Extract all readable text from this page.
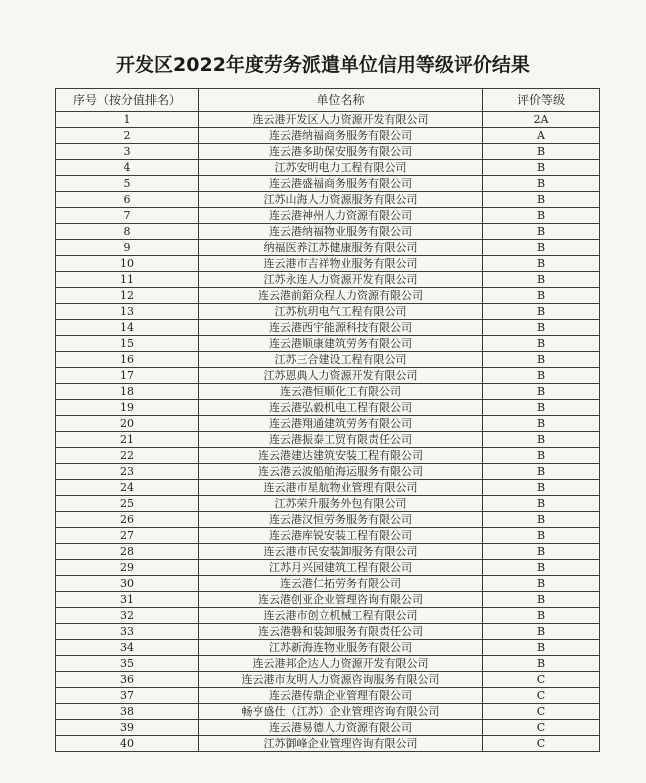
开发区2022年度劳务派遣单位信用等级评价结果
序号（按分值排名）	单位名称	评价等级
1	连云港开发区人力资源开发有限公司	2A
2	连云港纳福商务服务有限公司	A
3	连云港多助保安服务有限公司	B
4	江苏安明电力工程有限公司	B
5	连云港盛福商务服务有限公司	B
6	江苏山海人力资源服务有限公司	B
7	连云港神州人力资源有限公司	B
8	连云港纳福物业服务有限公司	B
9	纳福医养江苏健康服务有限公司	B
10	连云港市吉祥物业服务有限公司	B
11	江苏永连人力资源开发有限公司	B
12	连云港前銆众程人力资源有限公司	B
13	江苏杭玥电气工程有限公司	B
14	连云港西宇能源科技有限公司	B
15	连云港顺康建筑劳务有限公司	B
16	江苏三合建设工程有限公司	B
17	江苏恩典人力资源开发有限公司	B
18	连云港恒顺化工有限公司	B
19	连云港弘毅机电工程有限公司	B
20	连云港翔通建筑劳务有限公司	B
21	连云港振泰工贸有限责任公司	B
22	连云港建达建筑安装工程有限公司	B
23	连云港云波船舶海运服务有限公司	B
24	连云港市星航物业管理有限公司	B
25	江苏荣升服务外包有限公司	B
26	连云港汉恒劳务服务有限公司	B
27	连云港库锐安装工程有限公司	B
28	连云港市民安装卸服务有限公司	B
29	江苏月兴园建筑工程有限公司	B
30	连云港仁拓劳务有限公司	B
31	连云港创亚企业管理咨询有限公司	B
32	连云港市创立机械工程有限公司	B
33	连云港磐和装卸服务有限责任公司	B
34	江苏新海连物业服务有限公司	B
35	连云港邦企达人力资源开发有限公司	B
36	连云港市友明人力资源咨询服务有限公司	C
37	连云港传鼎企业管理有限公司	C
38	畅亨盛仕（江苏）企业管理咨询有限公司	C
39	连云港易德人力资源有限公司	C
40	江苏御峰企业管理咨询有限公司	C
